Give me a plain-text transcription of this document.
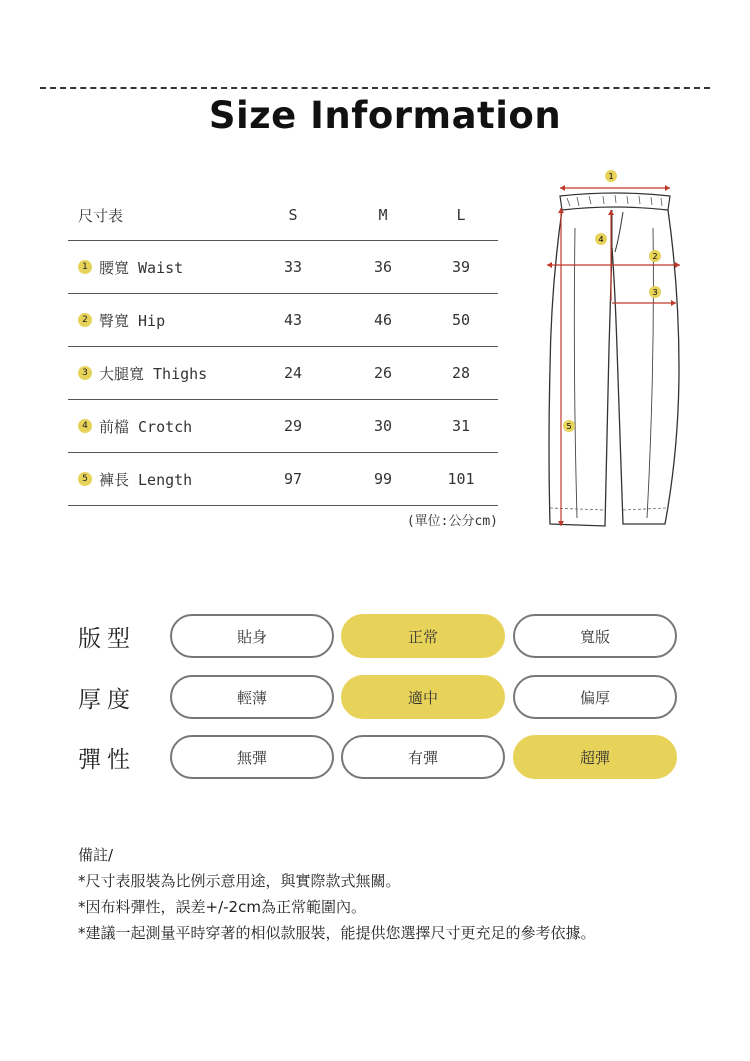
Size Information
尺寸表	S	M	L
1 腰寬 Waist	33	36	39
2 臀寬 Hip	43	46	50
3 大腿寬 Thighs	24	26	28
4 前檔 Crotch	29	30	31
5 褲長 Length	97	99	101
(單位:公分cm)
1
4
2
3
5
版型	貼身	正常	寬版
厚度	輕薄	適中	偏厚
彈性	無彈	有彈	超彈
備註/
*尺寸表服裝為比例示意用途，與實際款式無關。
*因布料彈性，誤差+/-2cm為正常範圍內。
*建議一起測量平時穿著的相似款服裝，能提供您選擇尺寸更充足的參考依據。
